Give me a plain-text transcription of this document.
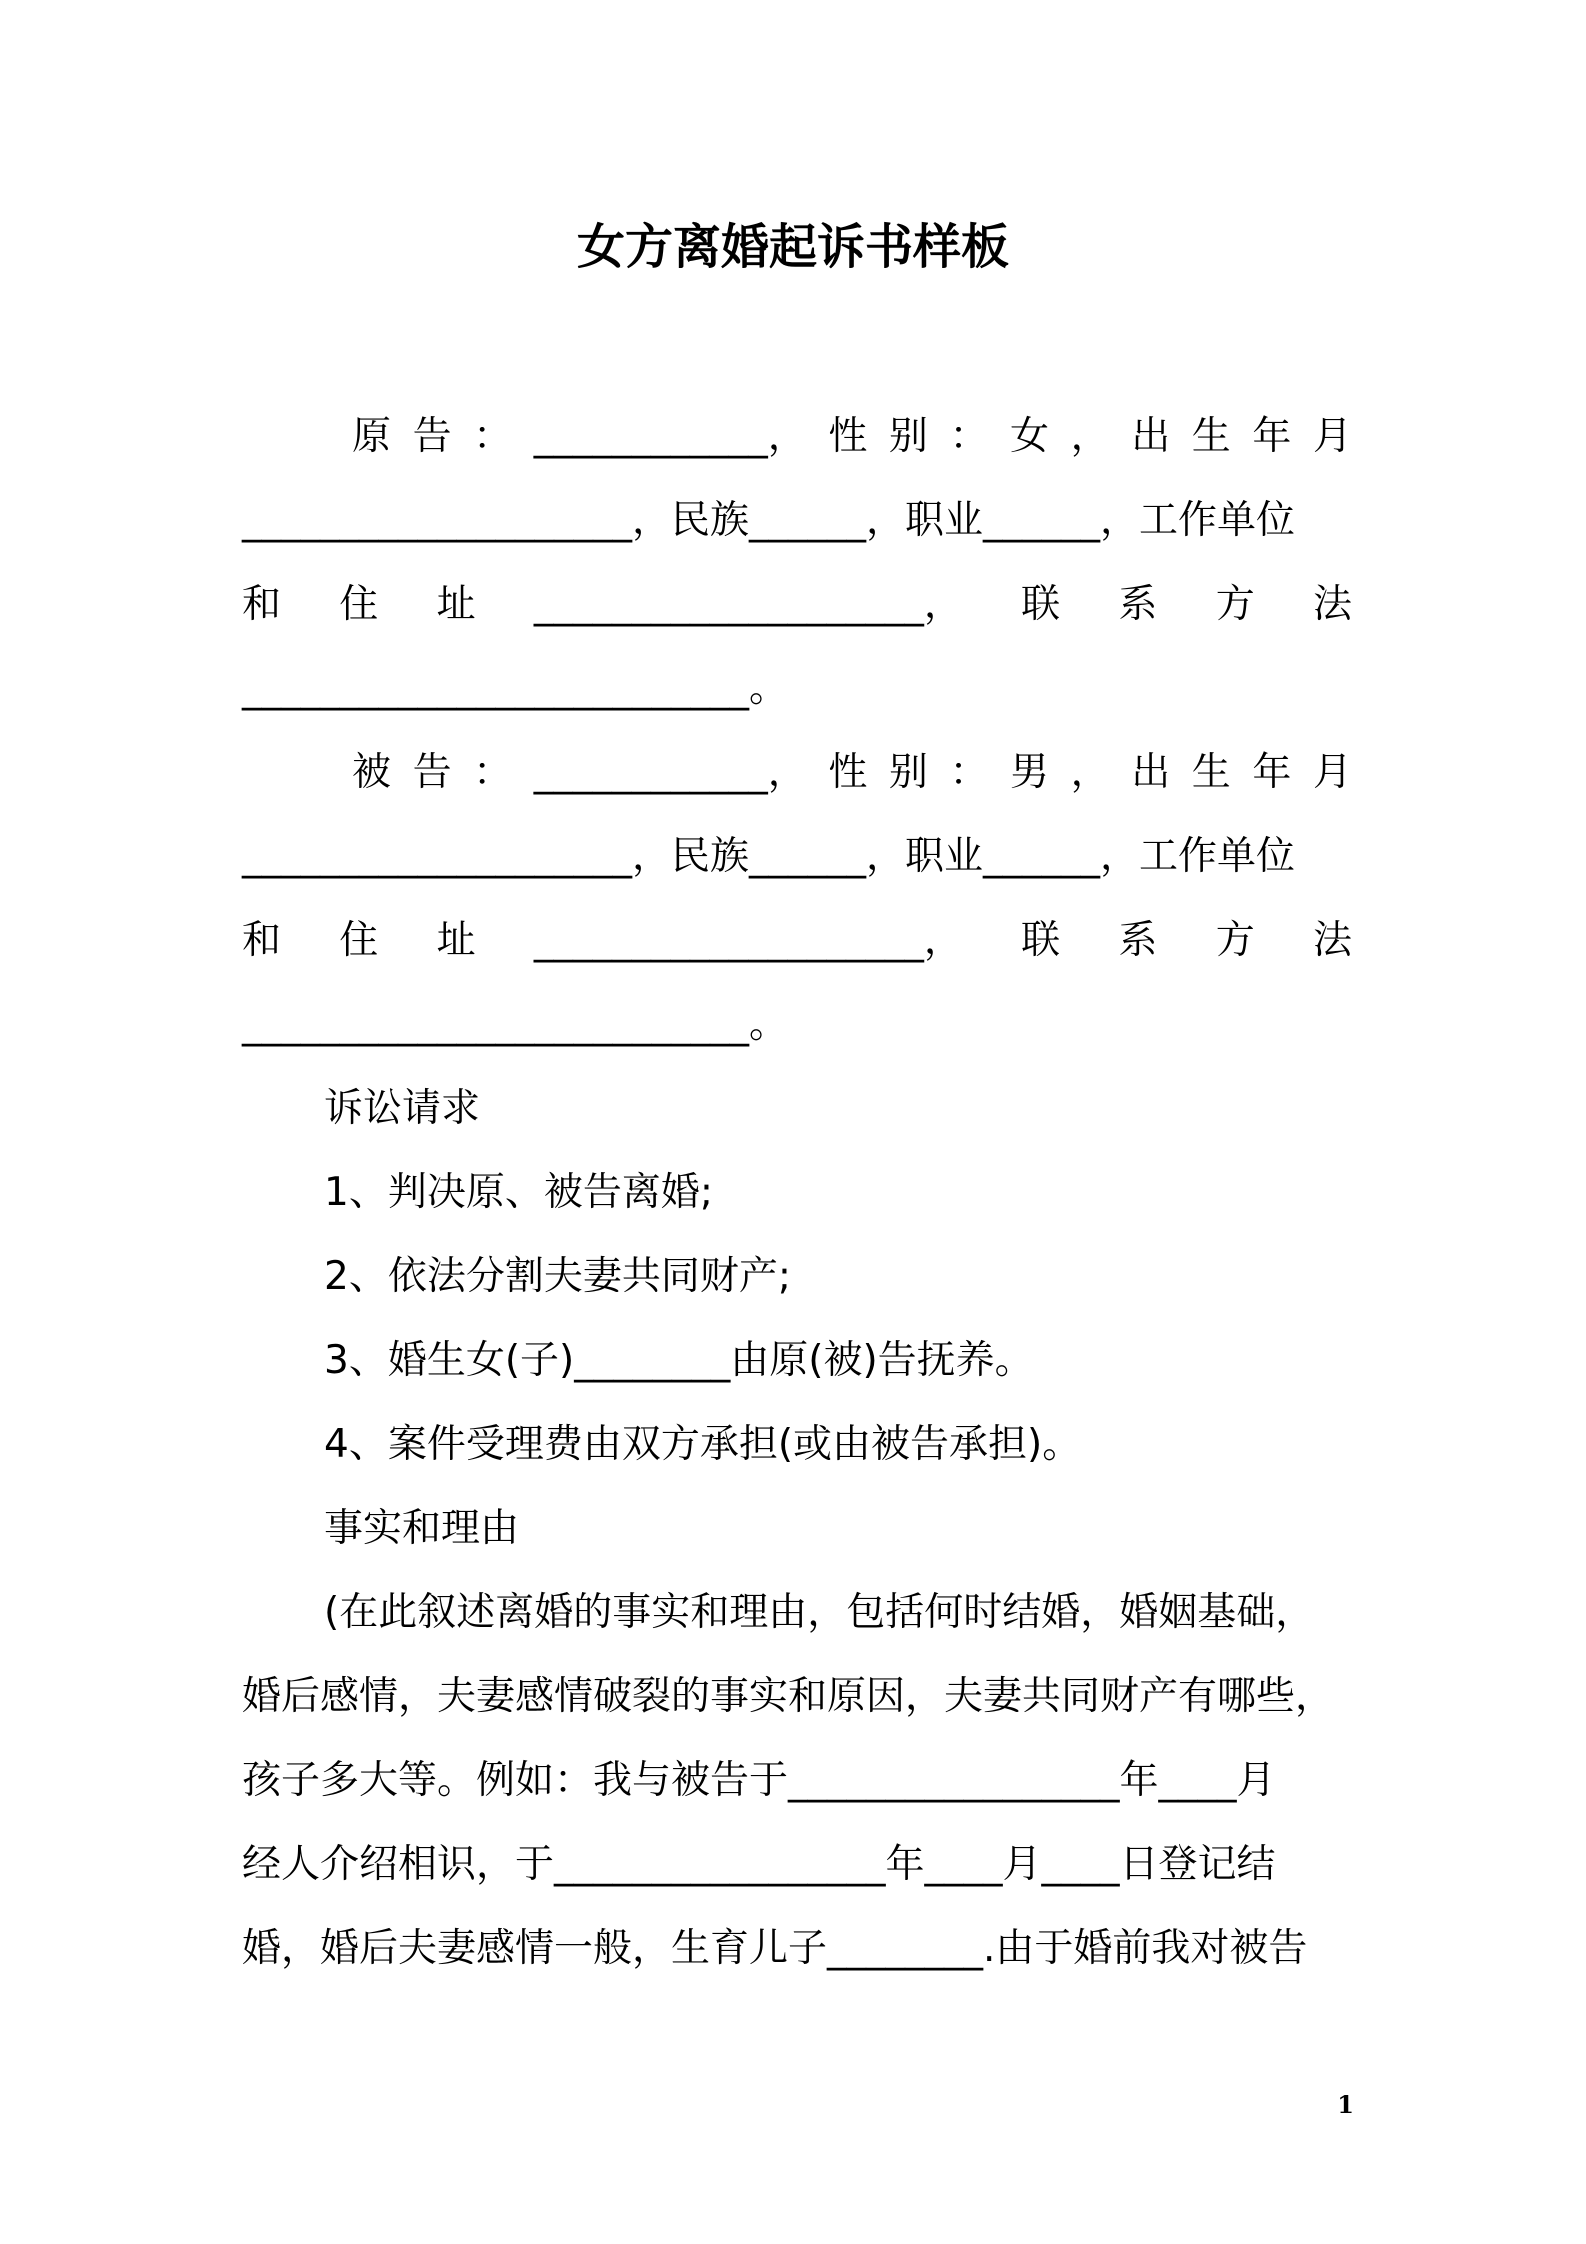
女方离婚起诉书样板
原 告 ： ____________， 性 别 ： 女 ， 出 生 年 月
____________________，民族______，职业______，工作单位
和 住 址 ____________________， 联 系 方 法
__________________________。
被 告 ： ____________， 性 别 ： 男 ， 出 生 年 月
____________________，民族______，职业______，工作单位
和 住 址 ____________________， 联 系 方 法
__________________________。
诉讼请求
1、判决原、被告离婚;
2、依法分割夫妻共同财产;
3、婚生女(子)________由原(被)告抚养。
4、案件受理费由双方承担(或由被告承担)。
事实和理由
(在此叙述离婚的事实和理由，包括何时结婚，婚姻基础，
婚后感情，夫妻感情破裂的事实和原因，夫妻共同财产有哪些，
孩子多大等。例如：我与被告于_________________年____月
经人介绍相识，于_________________年____月____日登记结
婚，婚后夫妻感情一般，生育儿子________.由于婚前我对被告
1
